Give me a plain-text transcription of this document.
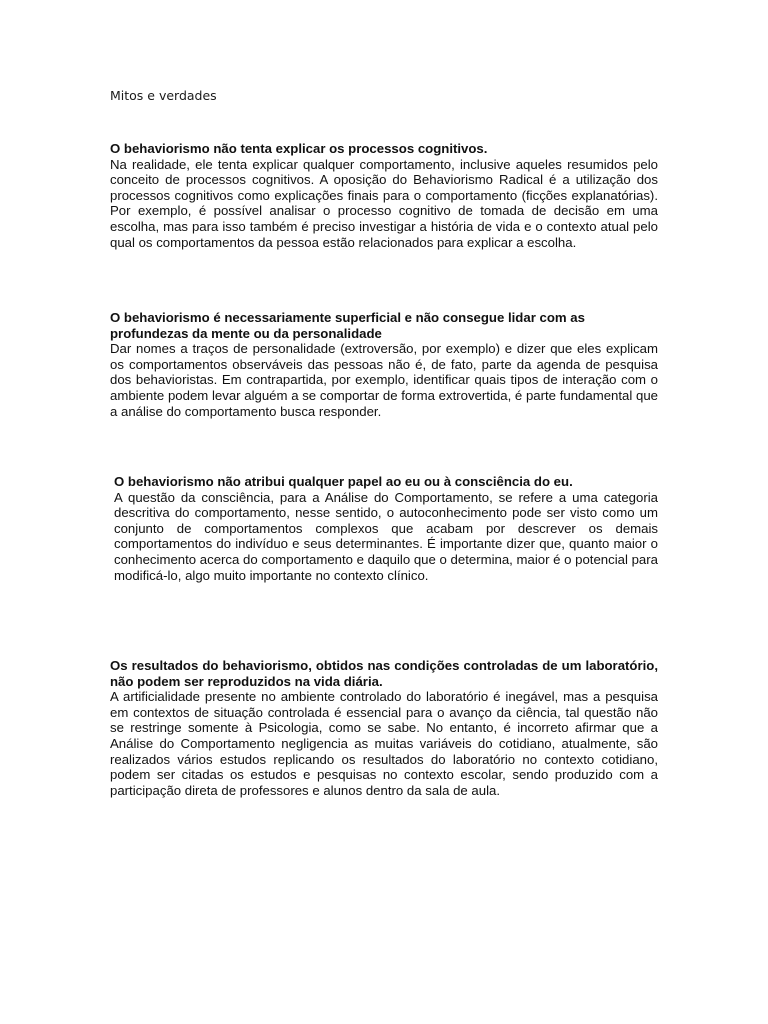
Mitos e verdades
O behaviorismo não tenta explicar os processos cognitivos.

Na realidade, ele tenta explicar qualquer comportamento, inclusive aqueles resumidos pelo conceito de processos cognitivos. A oposição do Behaviorismo Radical é a utilização dos processos cognitivos como explicações finais para o comportamento (ficções explanatórias). Por exemplo, é possível analisar o processo cognitivo de tomada de decisão em uma escolha, mas para isso também é preciso investigar a história de vida e o contexto atual pelo qual os comportamentos da pessoa estão relacionados para explicar a escolha.

O behaviorismo é necessariamente superficial e não consegue lidar com as profundezas da mente ou da personalidade

Dar nomes a traços de personalidade (extroversão, por exemplo) e dizer que eles explicam os comportamentos observáveis das pessoas não é, de fato, parte da agenda de pesquisa dos behavioristas. Em contrapartida, por exemplo, identificar quais tipos de interação com o ambiente podem levar alguém a se comportar de forma extrovertida, é parte fundamental que a análise do comportamento busca responder.

O behaviorismo não atribui qualquer papel ao eu ou à consciência do eu.

A questão da consciência, para a Análise do Comportamento, se refere a uma categoria descritiva do comportamento, nesse sentido, o autoconhecimento pode ser visto como um conjunto de comportamentos complexos que acabam por descrever os demais comportamentos do indivíduo e seus determinantes. É importante dizer que, quanto maior o conhecimento acerca do comportamento e daquilo que o determina, maior é o potencial para modificá-lo, algo muito importante no contexto clínico.

Os resultados do behaviorismo, obtidos nas condições controladas de um laboratório, não podem ser reproduzidos na vida diária.

A artificialidade presente no ambiente controlado do laboratório é inegável, mas a pesquisa em contextos de situação controlada é essencial para o avanço da ciência, tal questão não se restringe somente à Psicologia, como se sabe. No entanto, é incorreto afirmar que a Análise do Comportamento negligencia as muitas variáveis do cotidiano, atualmente, são realizados vários estudos replicando os resultados do laboratório no contexto cotidiano, podem ser citadas os estudos e pesquisas no contexto escolar, sendo produzido com a participação direta de professores e alunos dentro da sala de aula.
